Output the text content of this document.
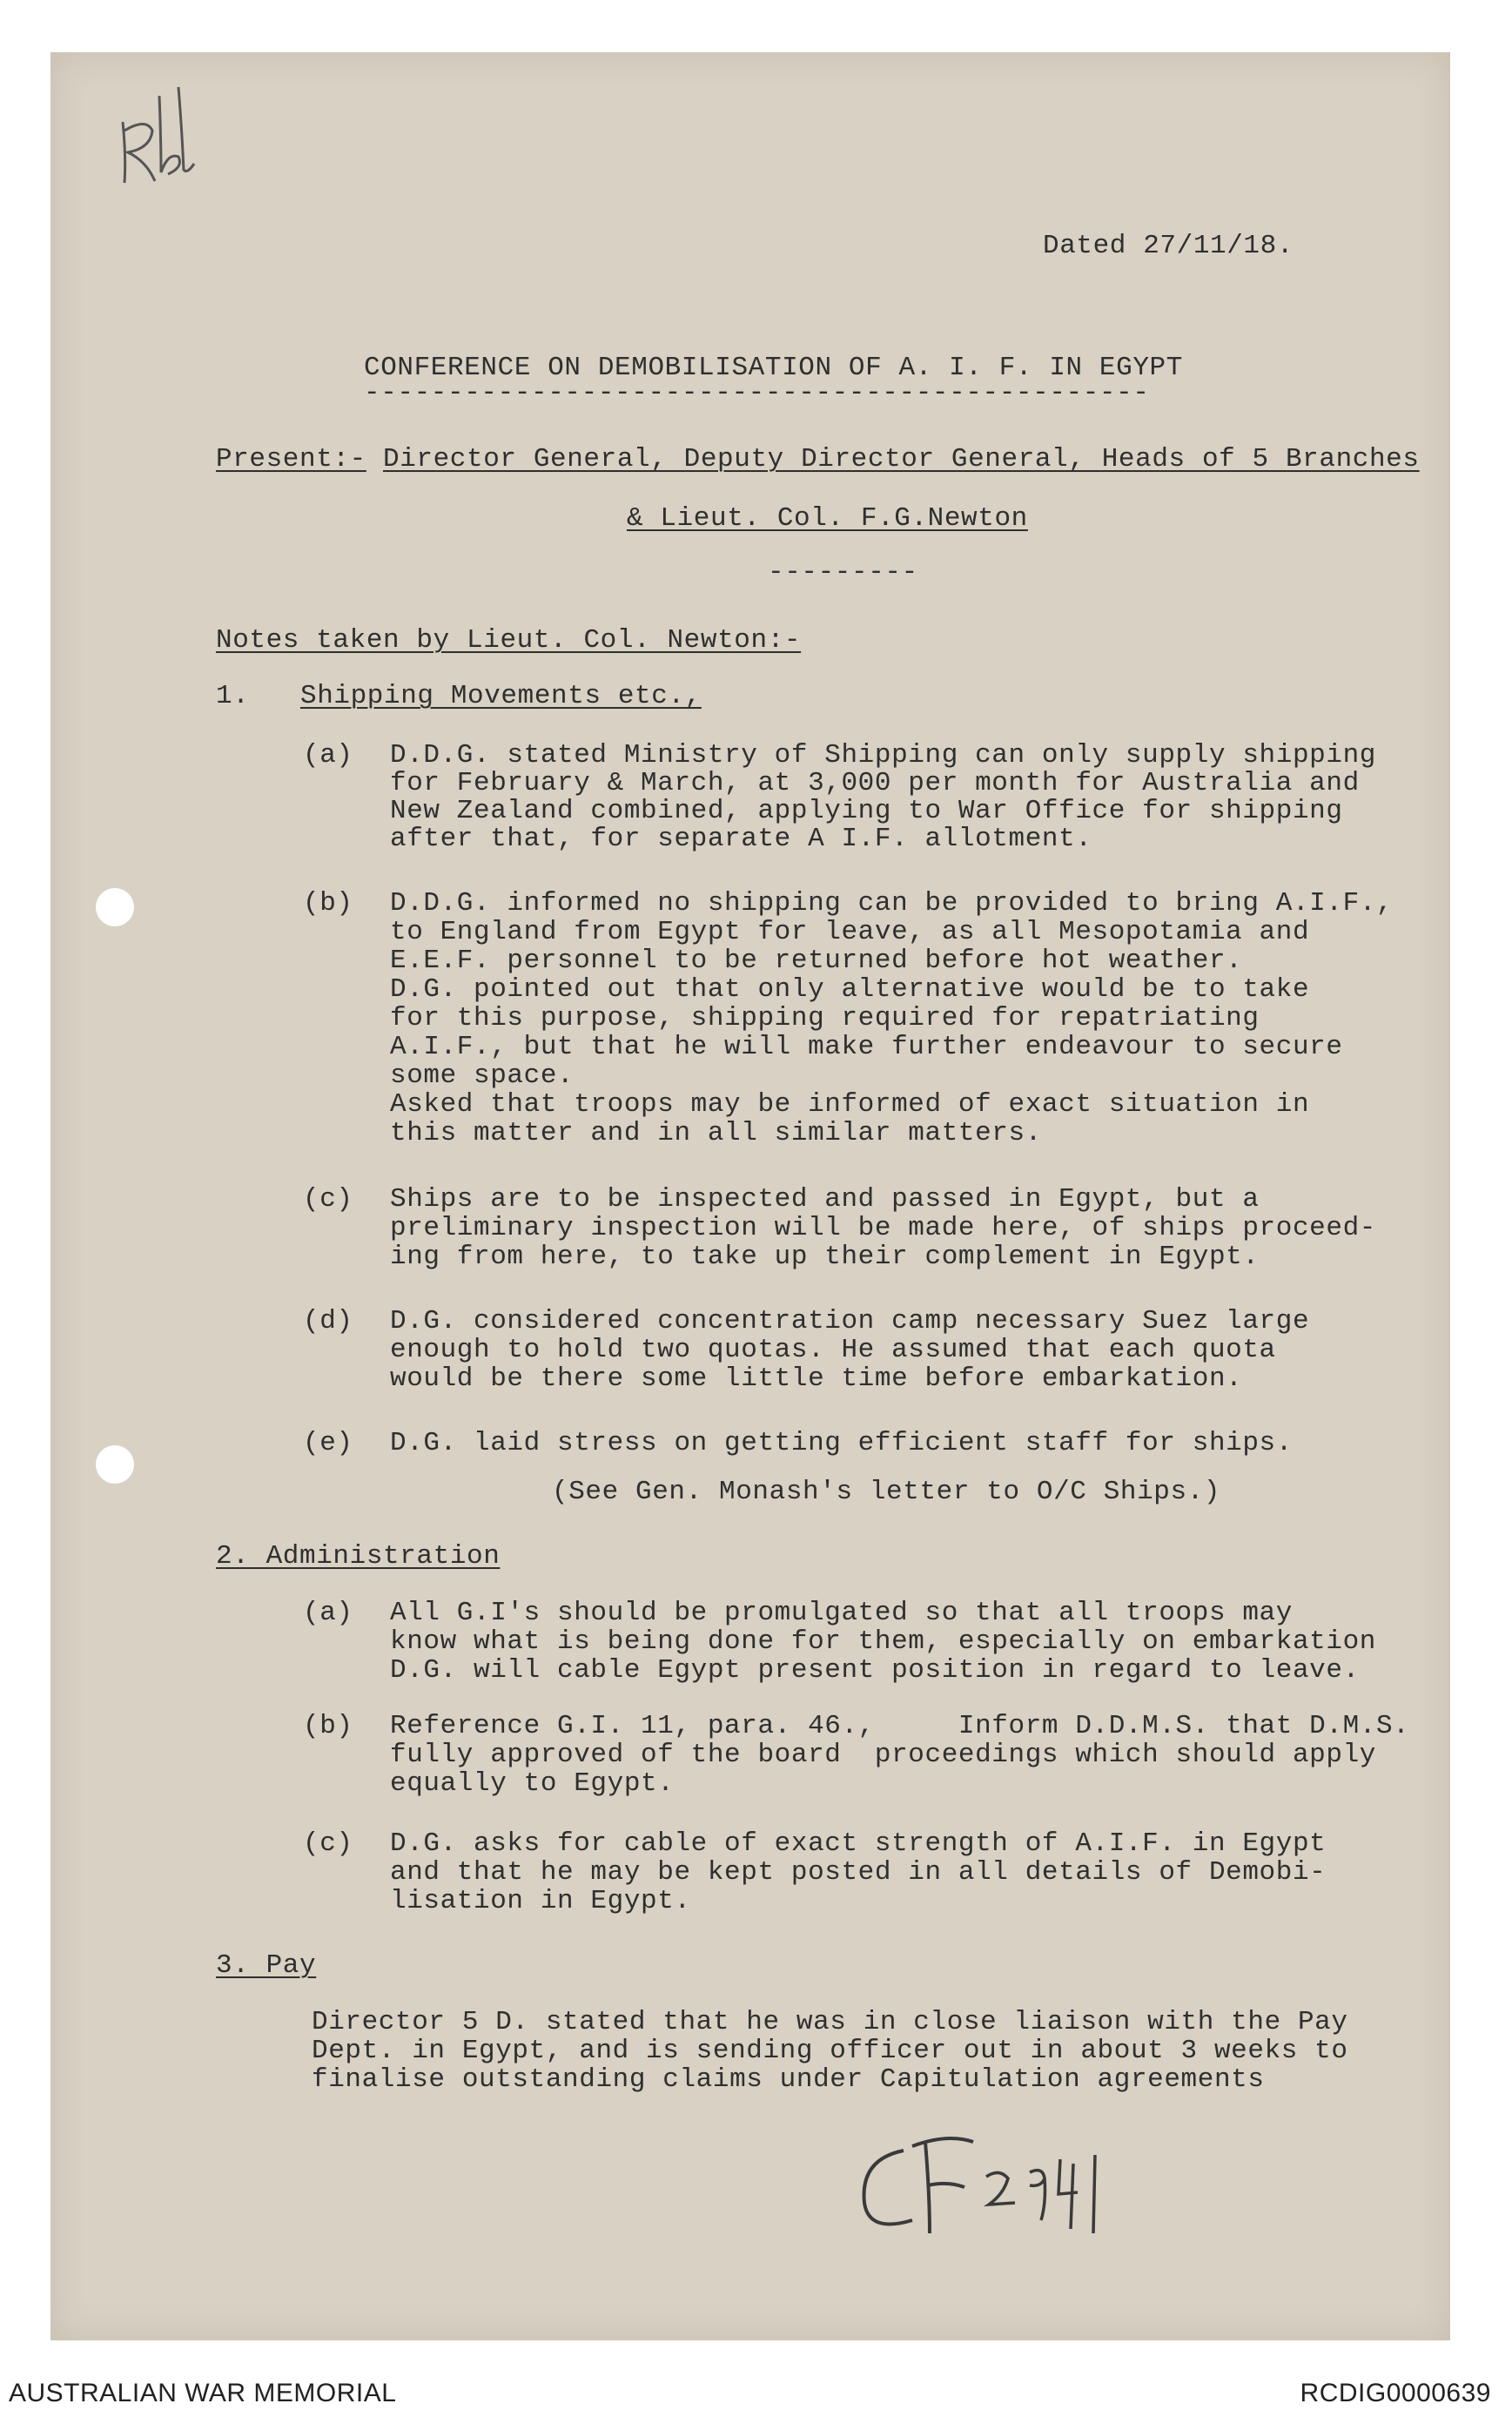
Dated 27/11/18.
CONFERENCE ON DEMOBILISATION OF A. I. F. IN EGYPT
-----------------------------------------------
Present:- Director General, Deputy Director General, Heads of 5 Branches
& Lieut. Col. F.G.Newton
---------
Notes taken by Lieut. Col. Newton:-
1. Shipping Movements etc.,
(a) D.D.G. stated Ministry of Shipping can only supply shipping
for February & March, at 3,000 per month for Australia and
New Zealand combined, applying to War Office for shipping
after that, for separate A I.F. allotment.
(b) D.D.G. informed no shipping can be provided to bring A.I.F.,
to England from Egypt for leave, as all Mesopotamia and
E.E.F. personnel to be returned before hot weather.
D.G. pointed out that only alternative would be to take
for this purpose, shipping required for repatriating
A.I.F., but that he will make further endeavour to secure
some space.
Asked that troops may be informed of exact situation in
this matter and in all similar matters.
(c) Ships are to be inspected and passed in Egypt, but a
preliminary inspection will be made here, of ships proceed-
ing from here, to take up their complement in Egypt.
(d) D.G. considered concentration camp necessary Suez large
enough to hold two quotas. He assumed that each quota
would be there some little time before embarkation.
(e) D.G. laid stress on getting efficient staff for ships.
(See Gen. Monash's letter to O/C Ships.)
2. Administration
(a) All G.I's should be promulgated so that all troops may
know what is being done for them, especially on embarkation
D.G. will cable Egypt present position in regard to leave.
(b) Reference G.I. 11, para. 46.,     Inform D.D.M.S. that D.M.S.
fully approved of the board  proceedings which should apply
equally to Egypt.
(c) D.G. asks for cable of exact strength of A.I.F. in Egypt
and that he may be kept posted in all details of Demobi-
lisation in Egypt.
3. Pay
Director 5 D. stated that he was in close liaison with the Pay
Dept. in Egypt, and is sending officer out in about 3 weeks to
finalise outstanding claims under Capitulation agreements
AUSTRALIAN WAR MEMORIAL	RCDIG0000639
